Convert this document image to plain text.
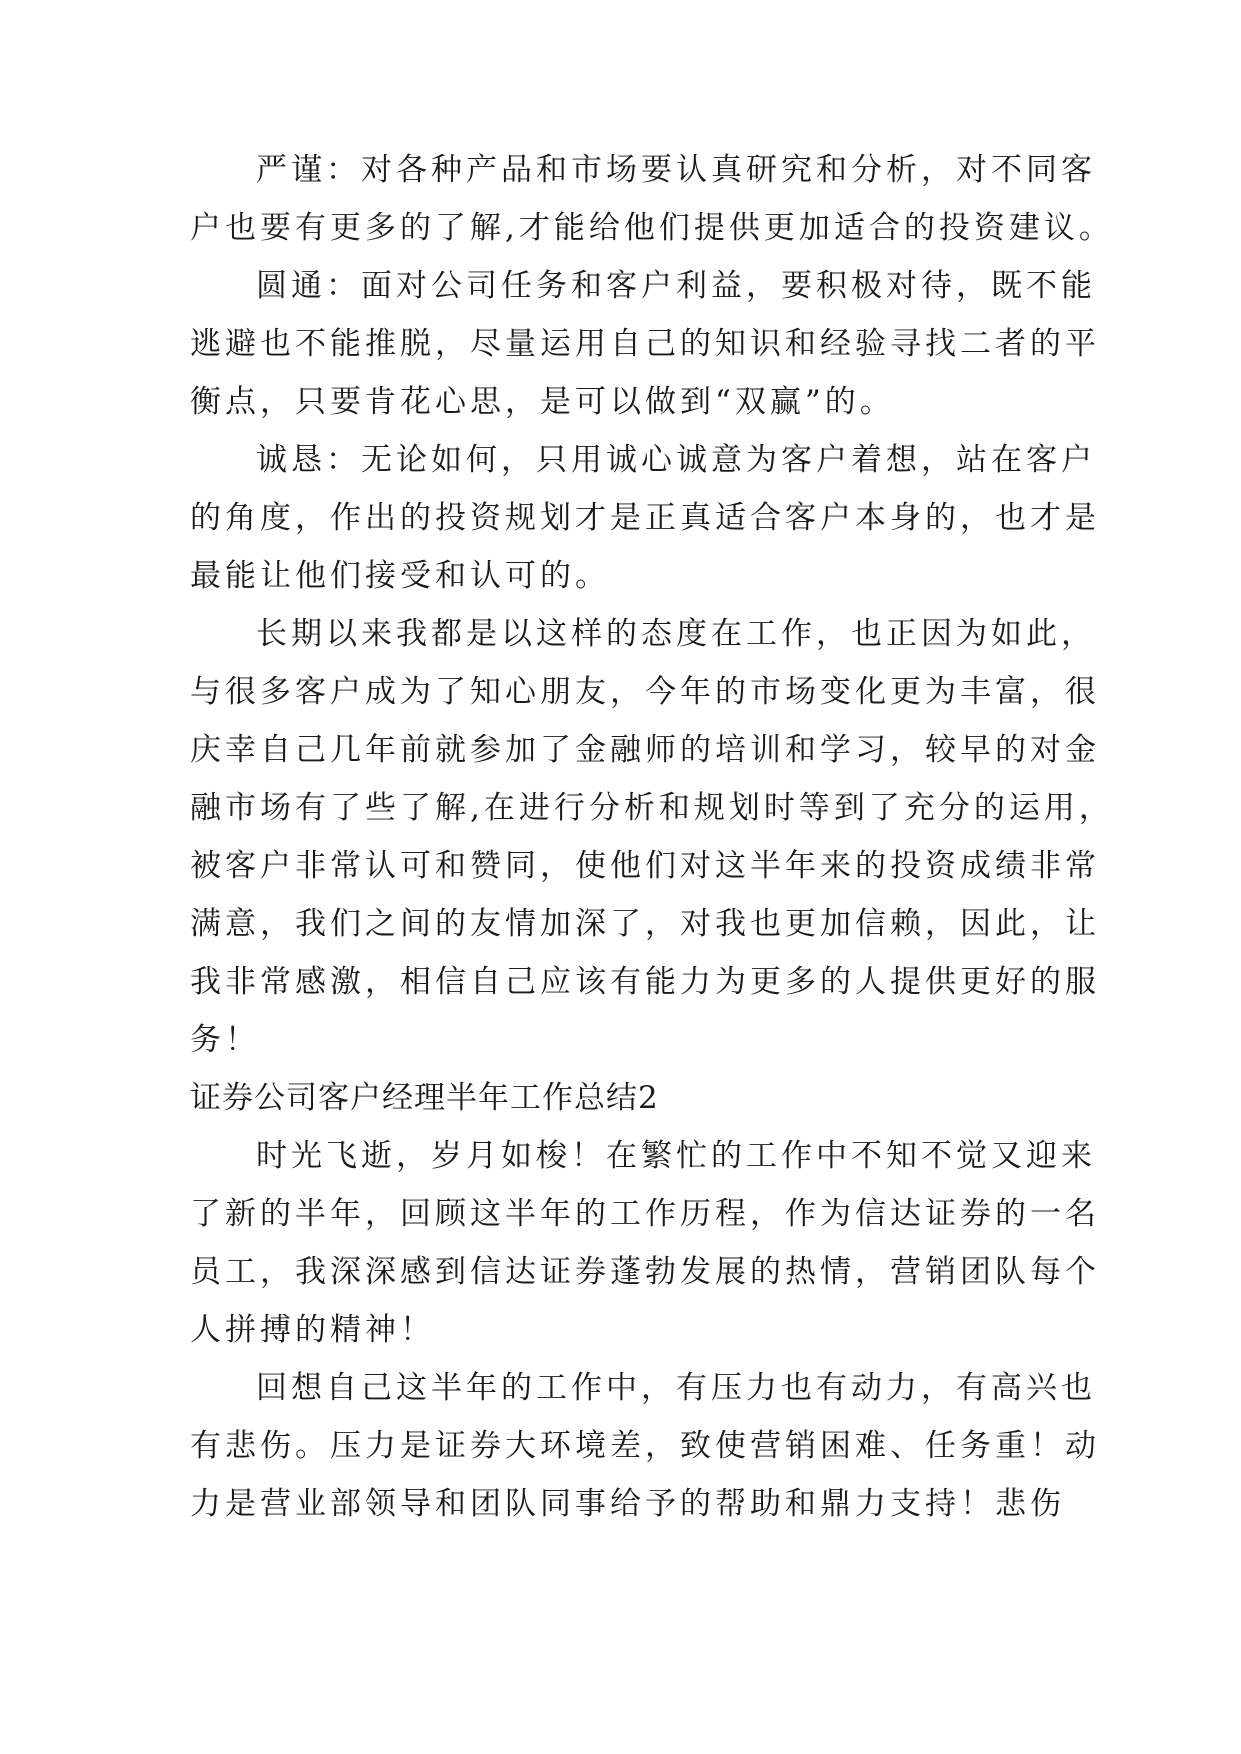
严谨：对各种产品和市场要认真研究和分析，对不同客
户也要有更多的了解,才能给他们提供更加适合的投资建议。
圆通：面对公司任务和客户利益，要积极对待，既不能
逃避也不能推脱，尽量运用自己的知识和经验寻找二者的平
衡点，只要肯花心思，是可以做到“双赢”的。
诚恳：无论如何，只用诚心诚意为客户着想，站在客户
的角度，作出的投资规划才是正真适合客户本身的，也才是
最能让他们接受和认可的。
长期以来我都是以这样的态度在工作，也正因为如此，
与很多客户成为了知心朋友，今年的市场变化更为丰富，很
庆幸自己几年前就参加了金融师的培训和学习，较早的对金
融市场有了些了解,在进行分析和规划时等到了充分的运用，
被客户非常认可和赞同，使他们对这半年来的投资成绩非常
满意，我们之间的友情加深了，对我也更加信赖，因此，让
我非常感激，相信自己应该有能力为更多的人提供更好的服
务！
证券公司客户经理半年工作总结2
时光飞逝，岁月如梭！在繁忙的工作中不知不觉又迎来
了新的半年，回顾这半年的工作历程，作为信达证券的一名
员工，我深深感到信达证券蓬勃发展的热情，营销团队每个
人拼搏的精神！
回想自己这半年的工作中，有压力也有动力，有高兴也
有悲伤。压力是证券大环境差，致使营销困难、任务重！动
力是营业部领导和团队同事给予的帮助和鼎力支持！悲伤
